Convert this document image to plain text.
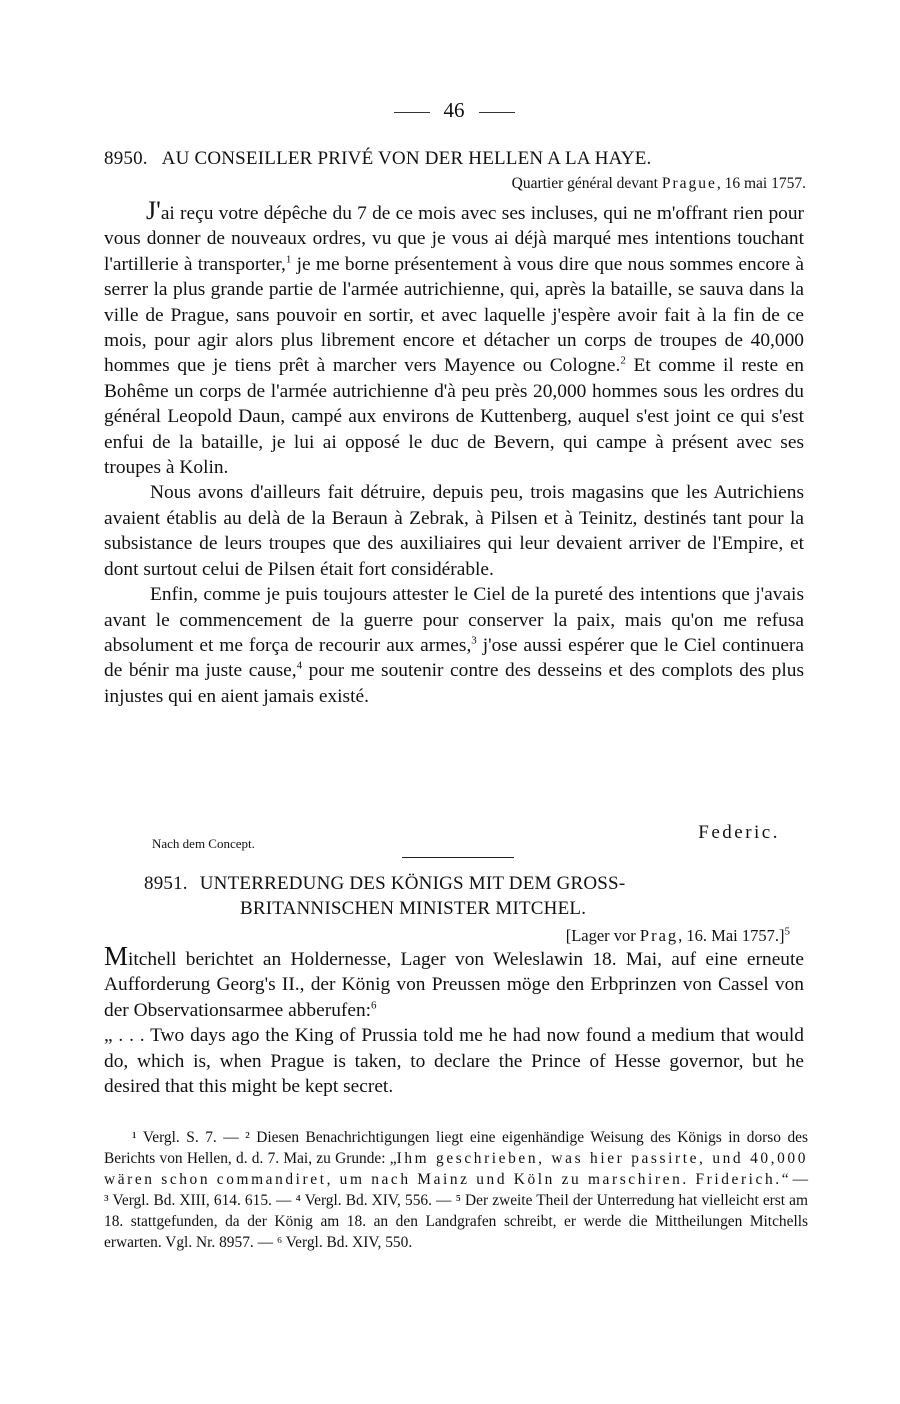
46
8950. AU CONSEILLER PRIVÉ VON DER HELLEN A LA HAYE.
Quartier général devant Prague, 16 mai 1757.

J'ai reçu votre dépêche du 7 de ce mois avec ses incluses, qui ne m'offrant rien pour vous donner de nouveaux ordres, vu que je vous ai déjà marqué mes intentions touchant l'artillerie à transporter,$^1$ je me borne présentement à vous dire que nous sommes encore à serrer la plus grande partie de l'armée autrichienne, qui, après la bataille, se sauva dans la ville de Prague, sans pouvoir en sortir, et avec laquelle j'espère avoir fait à la fin de ce mois, pour agir alors plus librement encore et détacher un corps de troupes de 40,000 hommes que je tiens prêt à marcher vers Mayence ou Cologne.$^2$ Et comme il reste en Bohême un corps de l'armée autrichienne d'à peu près 20,000 hommes sous les ordres du général Leopold Daun, campé aux environs de Kuttenberg, auquel s'est joint ce qui s'est enfui de la bataille, je lui ai opposé le duc de Bevern, qui campe à présent avec ses troupes à Kolin.

Nous avons d'ailleurs fait détruire, depuis peu, trois magasins que les Autrichiens avaient établis au delà de la Beraun à Zebrak, à Pilsen et à Teinitz, destinés tant pour la subsistance de leurs troupes que des auxiliaires qui leur devaient arriver de l'Empire, et dont surtout celui de Pilsen était fort considérable.

Enfin, comme je puis toujours attester le Ciel de la pureté des intentions que j'avais avant le commencement de la guerre pour conserver la paix, mais qu'on me refusa absolument et me força de recourir aux armes,$^3$ j'ose aussi espérer que le Ciel continuera de bénir ma juste cause,$^4$ pour me soutenir contre des desseins et des complots des plus injustes qui en aient jamais existé.

Nach dem Concept.
Federic.
8951. UNTERREDUNG DES KÖNIGS MIT DEM GROSS-
BRITANNISCHEN MINISTER MITCHEL.
[Lager vor Prag, 16. Mai 1757.]$^5$

Mitchell berichtet an Holdernesse, Lager von Weleslawin 18. Mai, auf eine erneute Aufforderung Georg's II., der König von Preussen möge den Erbprinzen von Cassel von der Observationsarmee abberufen:$^6$

„ . . . Two days ago the King of Prussia told me he had now found a medium that would do, which is, when Prague is taken, to declare the Prince of Hesse governor, but he desired that this might be kept secret.

¹ Vergl. S. 7. — ² Diesen Benachrichtigungen liegt eine eigenhändige Weisung des Königs in dorso des Berichts von Hellen, d. d. 7. Mai, zu Grunde: „Ihm geschrieben, was hier passirte, und 40,000 wären schon commandiret, um nach Mainz und Köln zu marschiren. Friderich.“ — ³ Vergl. Bd. XIII, 614. 615. — ⁴ Vergl. Bd. XIV, 556. — ⁵ Der zweite Theil der Unterredung hat vielleicht erst am 18. stattgefunden, da der König am 18. an den Landgrafen schreibt, er werde die Mittheilungen Mitchells erwarten. Vgl. Nr. 8957. — ⁶ Vergl. Bd. XIV, 550.
